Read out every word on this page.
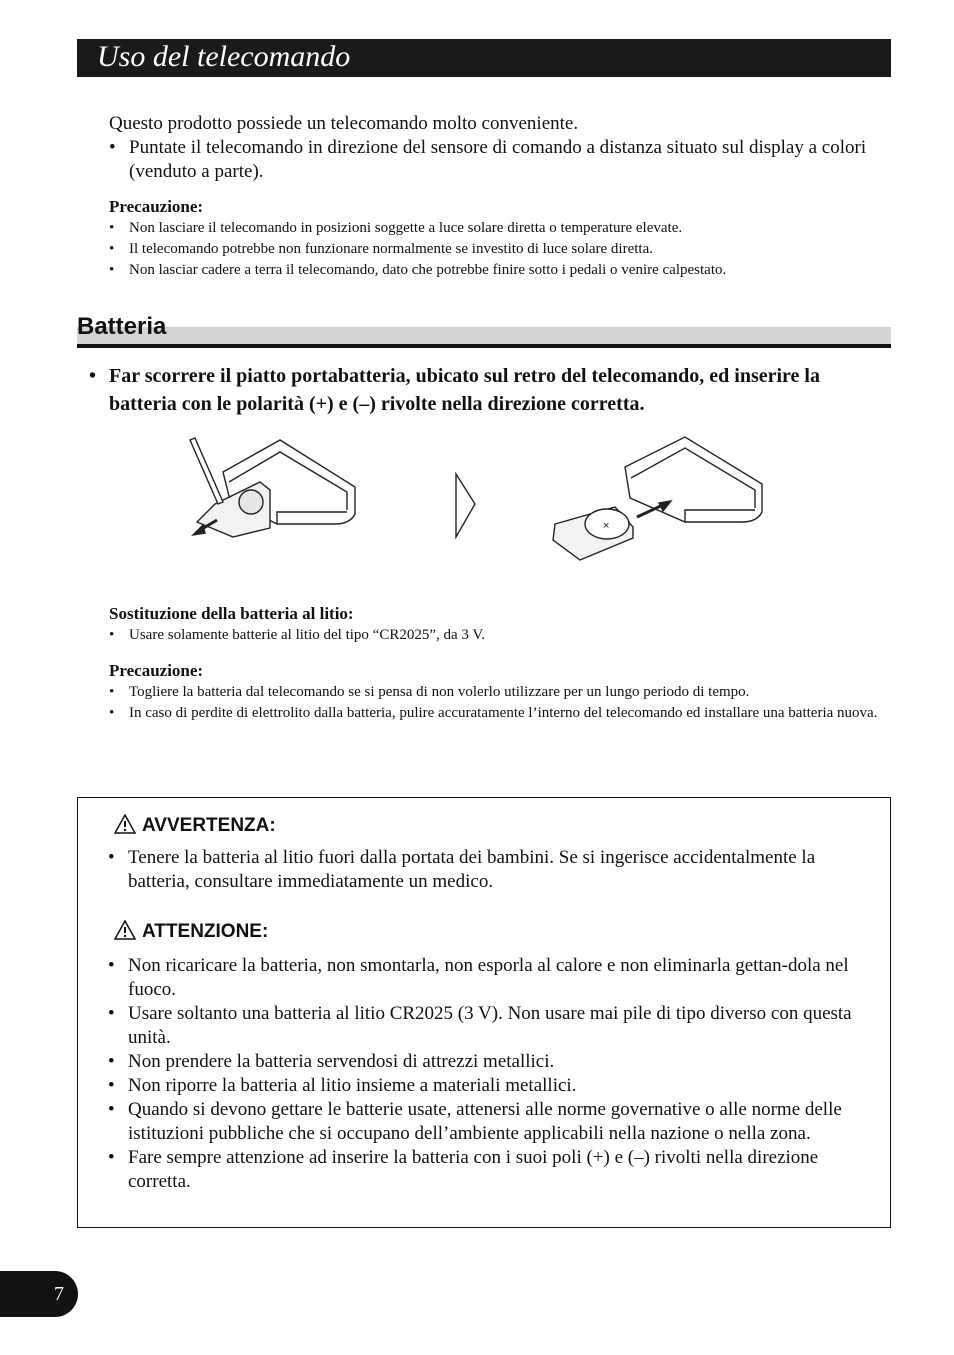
Uso del telecomando

Questo prodotto possiede un telecomando molto conveniente.

• Puntate il telecomando in direzione del sensore di comando a distanza situato sul display a colori (venduto a parte).

Precauzione:

• Non lasciare il telecomando in posizioni soggette a luce solare diretta o temperature elevate.
• Il telecomando potrebbe non funzionare normalmente se investito di luce solare diretta.
• Non lasciar cadere a terra il telecomando, dato che potrebbe finire sotto i pedali o venire calpestato.
Batteria
• Far scorrere il piatto portabatteria, ubicato sul retro del telecomando, ed inserire la batteria con le polarità (+) e (–) rivolte nella direzione corretta.
×

Sostituzione della batteria al litio:

• Usare solamente batterie al litio del tipo “CR2025”, da 3 V.

Precauzione:

• Togliere la batteria dal telecomando se si pensa di non volerlo utilizzare per un lungo periodo di tempo.
• In caso di perdite di elettrolito dalla batteria, pulire accuratamente l’interno del telecomando ed installare una batteria nuova.
AVVERTENZA:
• Tenere la batteria al litio fuori dalla portata dei bambini. Se si ingerisce accidentalmente la batteria, consultare immediatamente un medico.
ATTENZIONE:
• Non ricaricare la batteria, non smontarla, non esporla al calore e non eliminarla gettan-dola nel fuoco.
• Usare soltanto una batteria al litio CR2025 (3 V). Non usare mai pile di tipo diverso con questa unità.
• Non prendere la batteria servendosi di attrezzi metallici.
• Non riporre la batteria al litio insieme a materiali metallici.
• Quando si devono gettare le batterie usate, attenersi alle norme governative o alle norme delle istituzioni pubbliche che si occupano dell’ambiente applicabili nella nazione o nella zona.
• Fare sempre attenzione ad inserire la batteria con i suoi poli (+) e (–) rivolti nella direzione corretta.
7
